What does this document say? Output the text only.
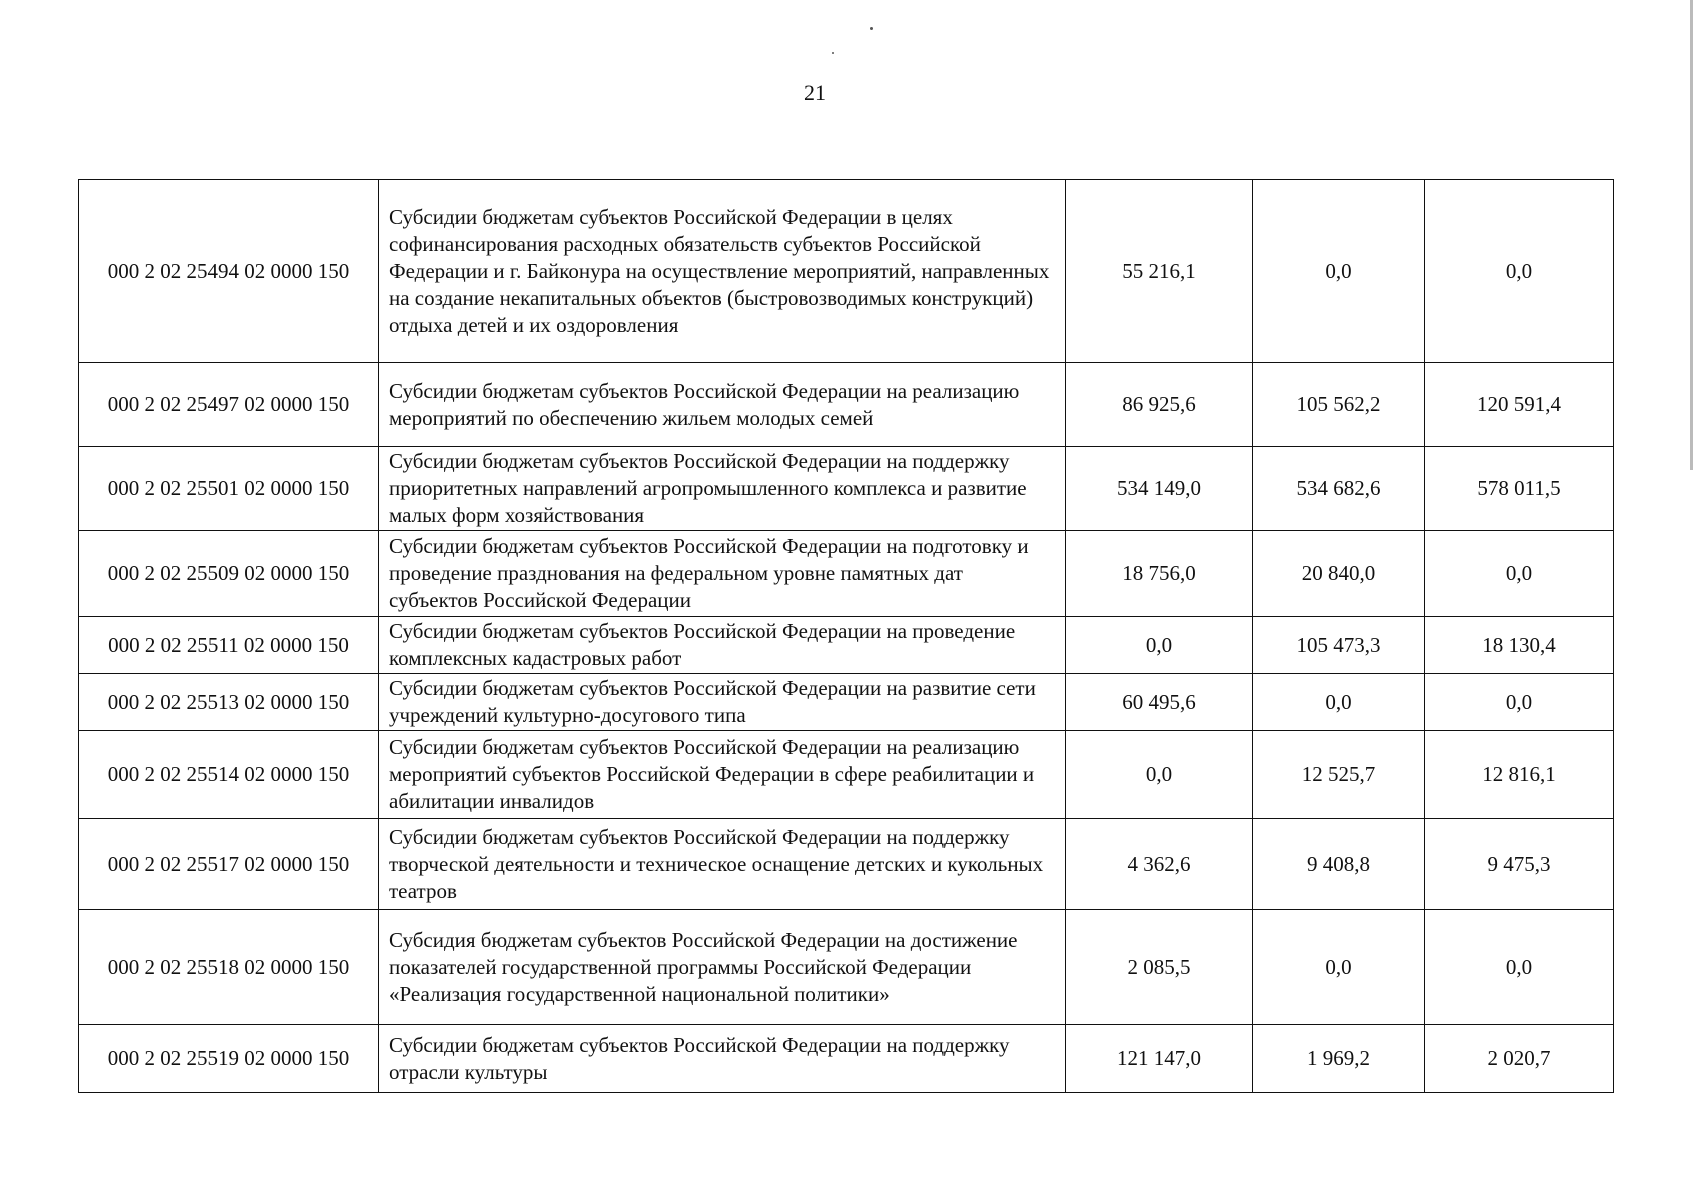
21
000 2 02 25494 02 0000 150	Субсидии бюджетам субъектов Российской Федерации в целях софинансирования расходных обязательств субъектов Российской Федерации и г. Байконура на осуществление мероприятий, направленных на создание некапитальных объектов (быстровозводимых конструкций) отдыха детей и их оздоровления	55 216,1	0,0	0,0
000 2 02 25497 02 0000 150	Субсидии бюджетам субъектов Российской Федерации на реализацию мероприятий по обеспечению жильем молодых семей	86 925,6	105 562,2	120 591,4
000 2 02 25501 02 0000 150	Субсидии бюджетам субъектов Российской Федерации на поддержку приоритетных направлений агропромышленного комплекса и развитие малых форм хозяйствования	534 149,0	534 682,6	578 011,5
000 2 02 25509 02 0000 150	Субсидии бюджетам субъектов Российской Федерации на подготовку и проведение празднования на федеральном уровне памятных дат субъектов Российской Федерации	18 756,0	20 840,0	0,0
000 2 02 25511 02 0000 150	Субсидии бюджетам субъектов Российской Федерации на проведение комплексных кадастровых работ	0,0	105 473,3	18 130,4
000 2 02 25513 02 0000 150	Субсидии бюджетам субъектов Российской Федерации на развитие сети учреждений культурно-досугового типа	60 495,6	0,0	0,0
000 2 02 25514 02 0000 150	Субсидии бюджетам субъектов Российской Федерации на реализацию мероприятий субъектов Российской Федерации в сфере реабилитации и абилитации инвалидов	0,0	12 525,7	12 816,1
000 2 02 25517 02 0000 150	Субсидии бюджетам субъектов Российской Федерации на поддержку творческой деятельности и техническое оснащение детских и кукольных театров	4 362,6	9 408,8	9 475,3
000 2 02 25518 02 0000 150	Субсидия бюджетам субъектов Российской Федерации на достижение показателей государственной программы Российской Федерации «Реализация государственной национальной политики»	2 085,5	0,0	0,0
000 2 02 25519 02 0000 150	Субсидии бюджетам субъектов Российской Федерации на поддержку отрасли культуры	121 147,0	1 969,2	2 020,7
